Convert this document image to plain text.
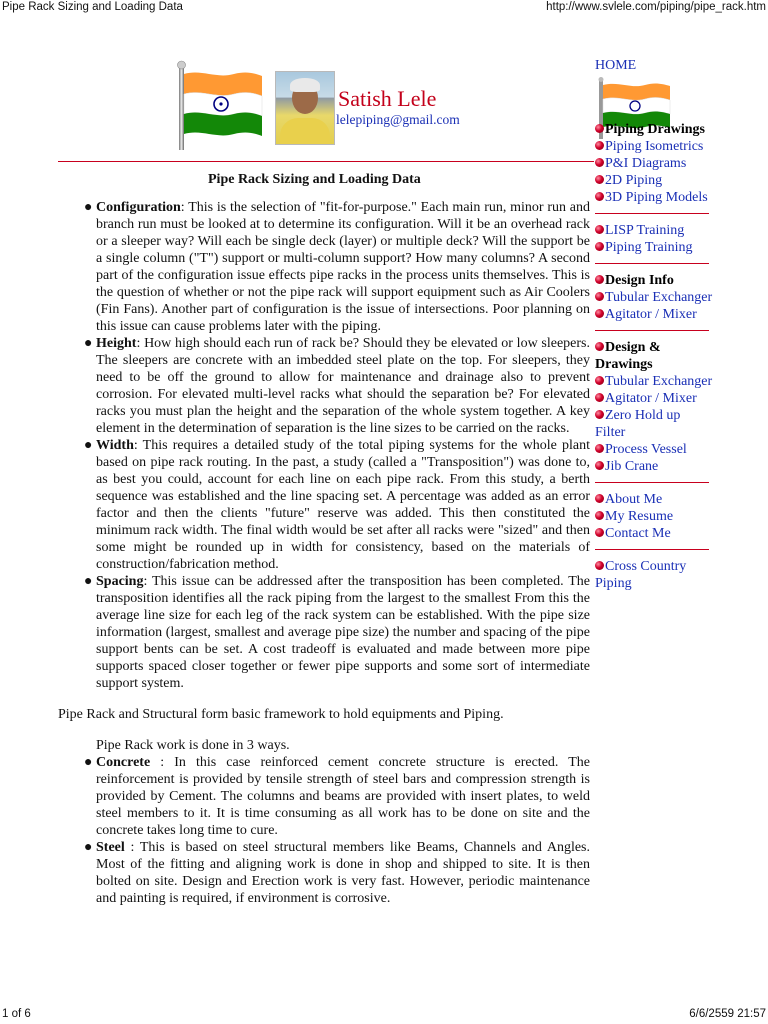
Pipe Rack Sizing and Loading Data	http://www.svlele.com/piping/pipe_rack.htm
Satish Lele
lelepiping@gmail.com
Pipe Rack Sizing and Loading Data
● Configuration: This is the selection of "fit-for-purpose." Each main run, minor run and branch run must be looked at to determine its configuration. Will it be an overhead rack or a sleeper way? Will each be single deck (layer) or multiple deck? Will the support be a single column ("T") support or multi-column support? How many columns? A second part of the configuration issue effects pipe racks in the process units themselves. This is the question of whether or not the pipe rack will support equipment such as Air Coolers (Fin Fans). Another part of configuration is the issue of intersections. Poor planning on this issue can cause problems later with the piping.
● Height: How high should each run of rack be? Should they be elevated or low sleepers. The sleepers are concrete with an imbedded steel plate on the top. For sleepers, they need to be off the ground to allow for maintenance and drainage also to prevent corrosion. For elevated multi-level racks what should the separation be? For elevated racks you must plan the height and the separation of the whole system together. A key element in the determination of separation is the line sizes to be carried on the racks.
● Width: This requires a detailed study of the total piping systems for the whole plant based on pipe rack routing. In the past, a study (called a "Transposition") was done to, as best you could, account for each line on each pipe rack. From this study, a berth sequence was established and the line spacing set. A percentage was added as an error factor and then the clients "future" reserve was added. This then constituted the minimum rack width. The final width would be set after all racks were "sized" and then some might be rounded up in width for consistency, based on the materials of construction/fabrication method.
● Spacing: This issue can be addressed after the transposition has been completed. The transposition identifies all the rack piping from the largest to the smallest From this the average line size for each leg of the rack system can be established. With the pipe size information (largest, smallest and average pipe size) the number and spacing of the pipe support bents can be set. A cost tradeoff is evaluated and made between more pipe supports spaced closer together or fewer pipe supports and some sort of intermediate support system.

Pipe Rack and Structural form basic framework to hold equipments and Piping.

Pipe Rack work is done in 3 ways.

● Concrete : In this case reinforced cement concrete structure is erected. The reinforcement is provided by tensile strength of steel bars and compression strength is provided by Cement. The columns and beams are provided with insert plates, to weld steel members to it. It is time consuming as all work has to be done on site and the concrete takes long time to cure.
● Steel : This is based on steel structural members like Beams, Channels and Angles. Most of the fitting and aligning work is done in shop and shipped to site. It is then bolted on site. Design and Erection work is very fast. However, periodic maintenance and painting is required, if environment is corrosive.
HOME
Piping Drawings
Piping Isometrics
P&I Diagrams
2D Piping
3D Piping Models
LISP Training
Piping Training
Design Info
Tubular Exchanger
Agitator / Mixer
Design & Drawings
Tubular Exchanger
Agitator / Mixer
Zero Hold up Filter
Process Vessel
Jib Crane
About Me
My Resume
Contact Me
Cross Country Piping
1 of 6	6/6/2559 21:57
